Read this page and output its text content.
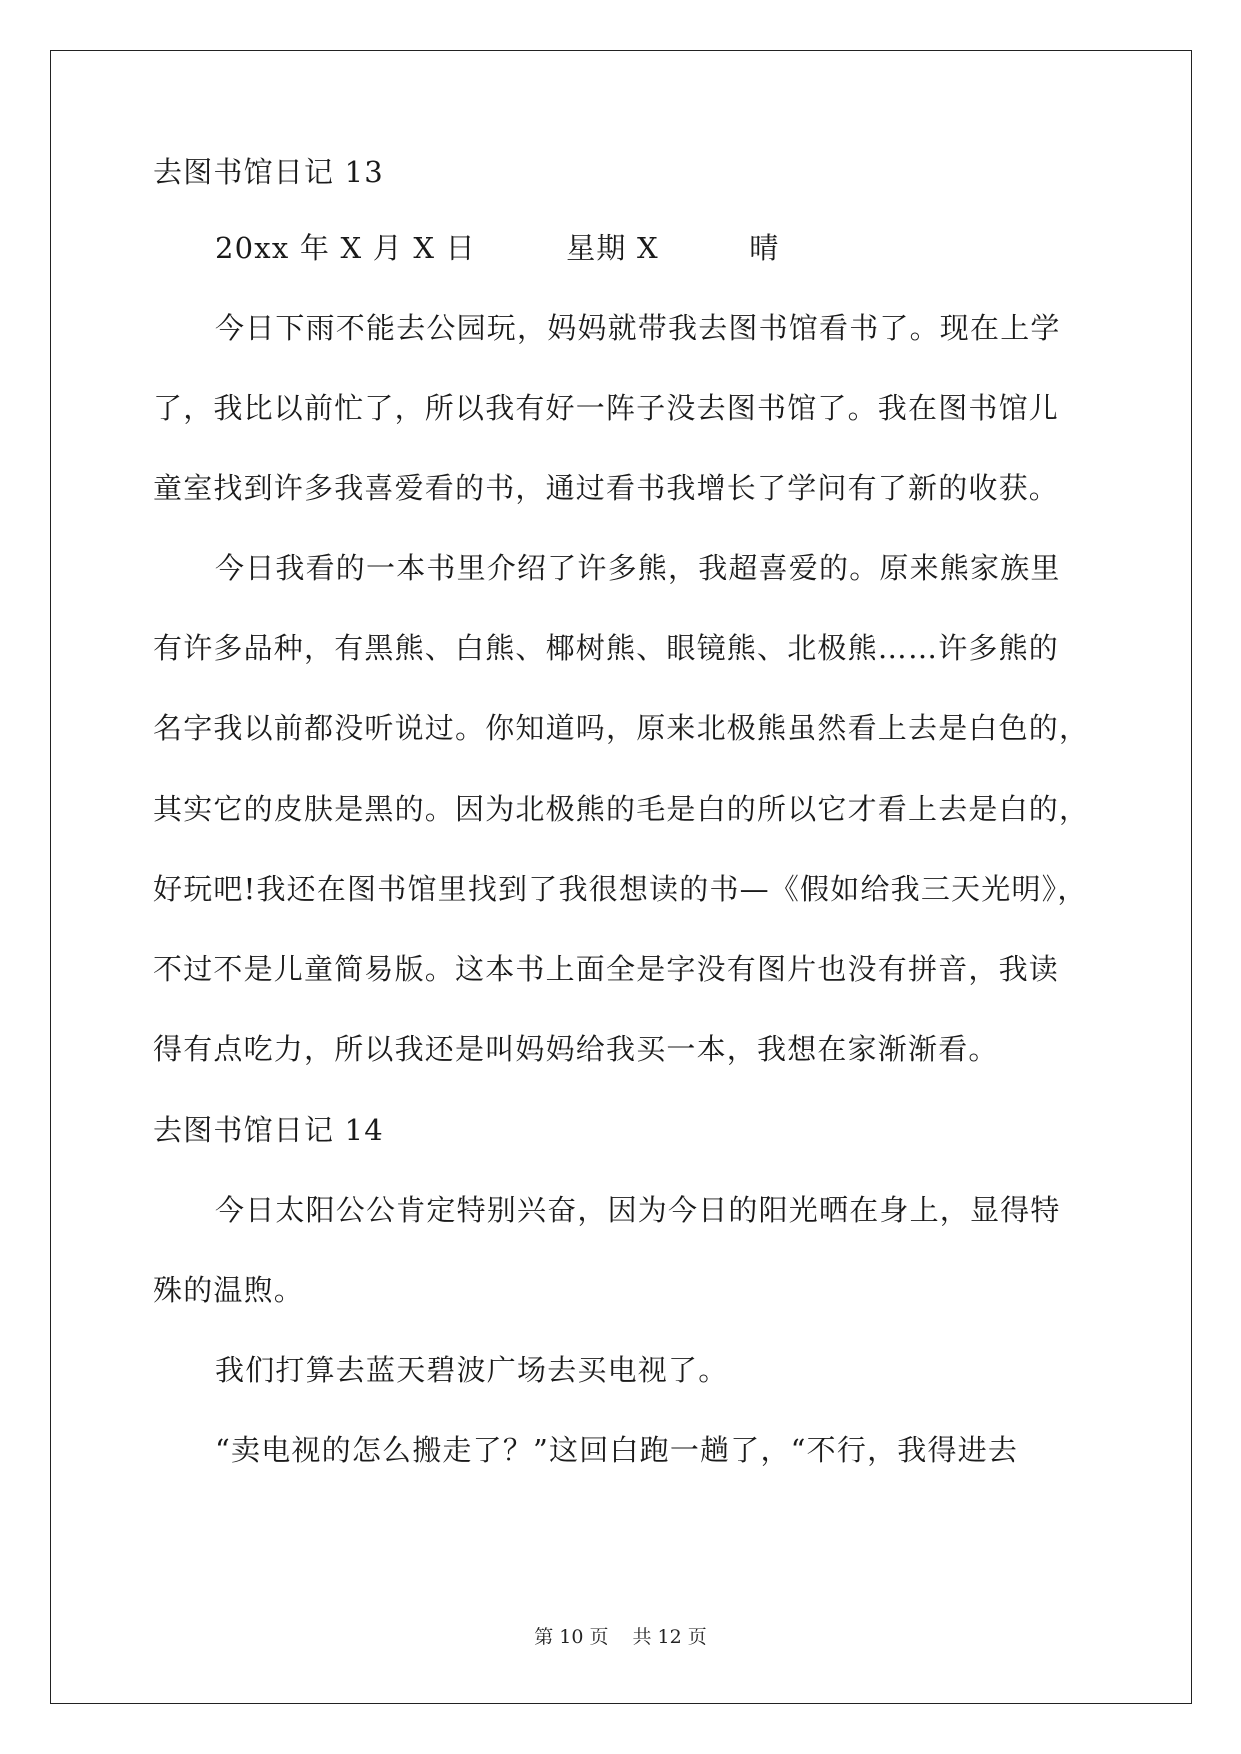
去图书馆日记 13
20xx 年 X 月 X 日	星期 X	晴
今日下雨不能去公园玩，妈妈就带我去图书馆看书了。现在上学
了，我比以前忙了，所以我有好一阵子没去图书馆了。我在图书馆儿
童室找到许多我喜爱看的书，通过看书我增长了学问有了新的收获。
今日我看的一本书里介绍了许多熊，我超喜爱的。原来熊家族里
有许多品种，有黑熊、白熊、椰树熊、眼镜熊、北极熊……许多熊的
名字我以前都没听说过。你知道吗，原来北极熊虽然看上去是白色的，
其实它的皮肤是黑的。因为北极熊的毛是白的所以它才看上去是白的，
好玩吧!我还在图书馆里找到了我很想读的书—《假如给我三天光明》，
不过不是儿童简易版。这本书上面全是字没有图片也没有拼音，我读
得有点吃力，所以我还是叫妈妈给我买一本，我想在家渐渐看。
去图书馆日记 14
今日太阳公公肯定特别兴奋，因为今日的阳光晒在身上，显得特
殊的温煦。
我们打算去蓝天碧波广场去买电视了。
“卖电视的怎么搬走了？”这回白跑一趟了，“不行，我得进去
第 10 页 共 12 页
